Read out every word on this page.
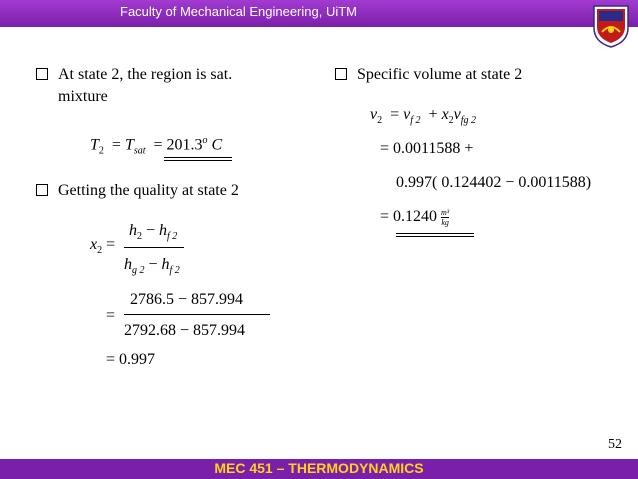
Faculty of Mechanical Engineering, UiTM
At state 2, the region is sat.
mixture
$T_2 = T_{sat} = 201.3^o$ C
Getting the quality at state 2
$x_2$ =
$h_2 - h_{f 2}$
$h_{g 2} - h_{f 2}$
=
2786.5 − 857.994
2792.68 − 857.994
= 0.997
Specific volume at state 2
$v_2 = v_{f 2} + x_2v_{fg 2}$
= 0.0011588 +
0.997( 0.124402 − 0.0011588)
= $0.1240 \frac{\text{m³}}{kg}$
52
MEC 451 – THERMODYNAMICS
